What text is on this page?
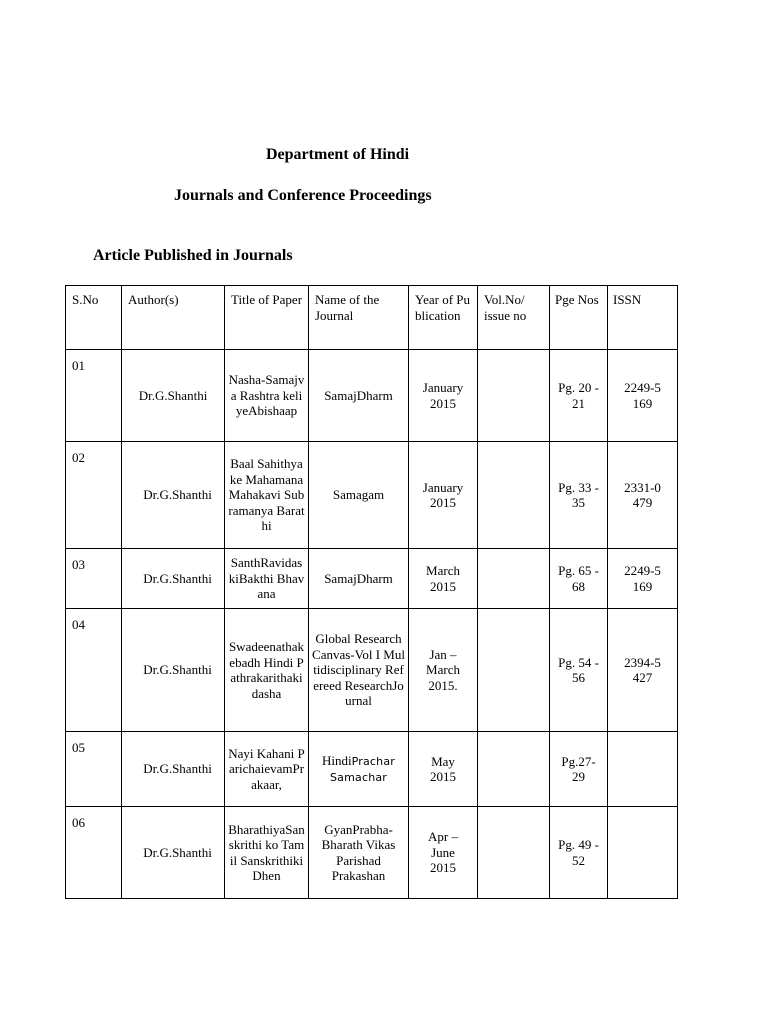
Department of Hindi
Journals and Conference Proceedings
Article Published in Journals
S.No	Author(s)	Title of Paper	Name of the Journal	Year of Publication	Vol.No/ issue no	Pge Nos	ISSN
01	Dr.G.Shanthi	Nasha-Samajva Rashtra keliyeAbishaap	SamajDharm	January 2015		Pg. 20 - 21	2249-5169
02	Dr.G.Shanthi	Baal Sahithyake Mahamana Mahakavi Subramanya Barathi	Samagam	January 2015		Pg. 33 - 35	2331-0479
03	Dr.G.Shanthi	SanthRavidaskiBakthi Bhavana	SamajDharm	March 2015		Pg. 65 - 68	2249-5169
04	Dr.G.Shanthi	Swadeenathakebadh Hindi Pathrakarithakidasha	Global Research Canvas-Vol I Multidisciplinary Refereed ResearchJournal	Jan – March 2015.		Pg. 54 - 56	2394-5427
05	Dr.G.Shanthi	Nayi Kahani ParichaievamPrakaar,	HindiPrachar Samachar	May 2015		Pg.27-29	
06	Dr.G.Shanthi	BharathiyaSanskrithi ko Tamil Sanskrithiki Dhen	GyanPrabha-Bharath Vikas Parishad Prakashan	Apr – June 2015		Pg. 49 - 52	
